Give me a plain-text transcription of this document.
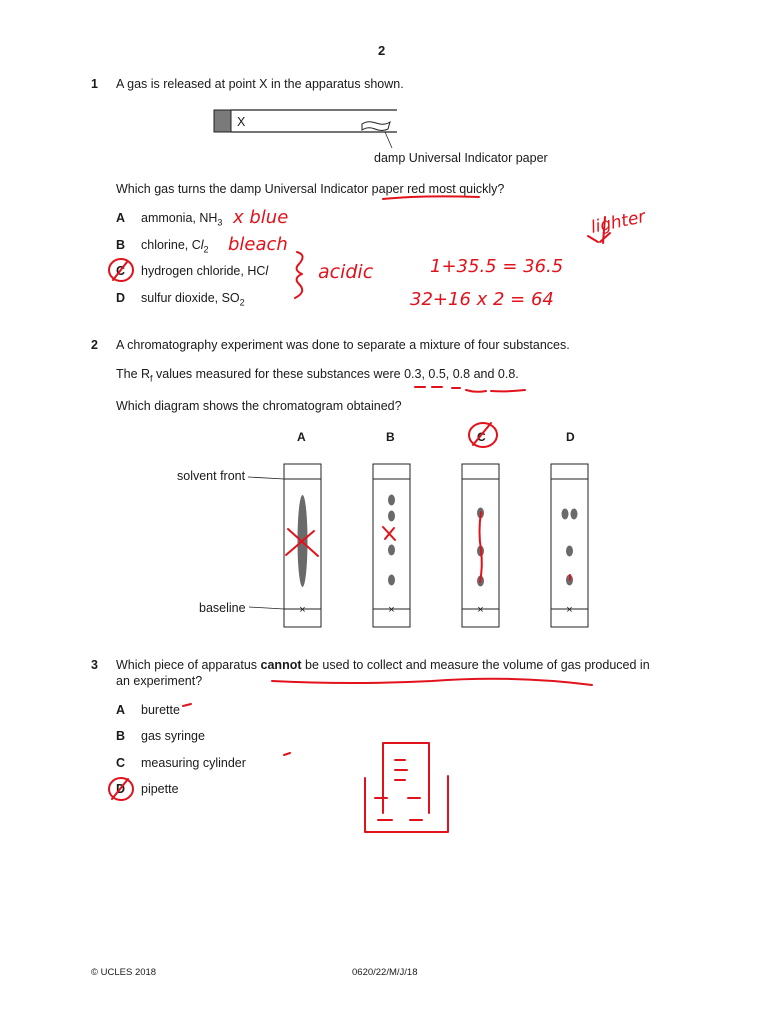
2
1 A gas is released at point X in the apparatus shown.
X
damp Universal Indicator paper
Which gas turns the damp Universal Indicator paper red most quickly?
A ammonia, $NH_3$
B chlorine, $Cl_2$
C hydrogen chloride, HCl
D sulfur dioxide, $SO_2$
x blue
bleach
acidic	1+35.5 = 36.5
32+16 x 2 = 64
lighter
2 A chromatography experiment was done to separate a mixture of four substances.
The $R_f$ values measured for these substances were 0.3, 0.5, 0.8 and 0.8.
Which diagram shows the chromatogram obtained?
A	B	C	D
solvent front
baseline	×	×	×	×
3 Which piece of apparatus cannot be used to collect and measure the volume of gas produced in
an experiment?
A burette
B gas syringe
C measuring cylinder
D pipette
© UCLES 2018	0620/22/M/J/18
